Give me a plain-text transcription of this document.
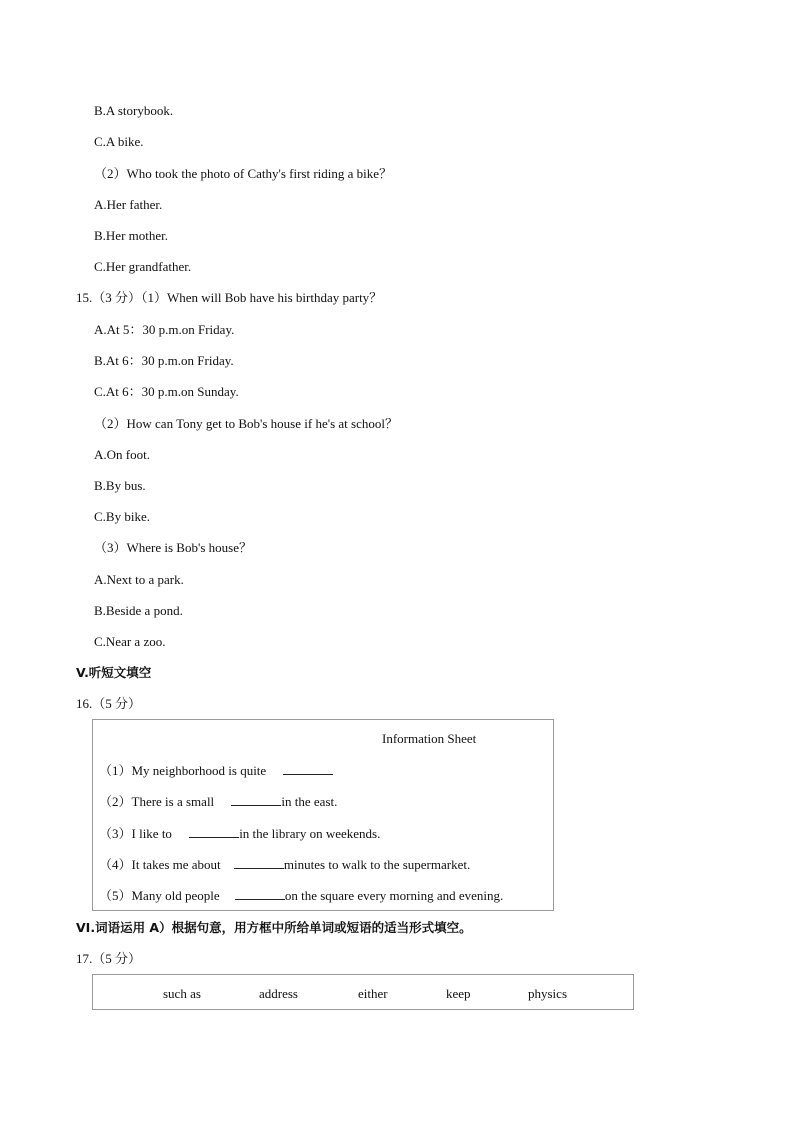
B.A storybook.
C.A bike.
（2）Who took the photo of Cathy's first riding a bike？
A.Her father.
B.Her mother.
C.Her grandfather.
15.（3 分）（1）When will Bob have his birthday party？
A.At 5：30 p.m.on Friday.
B.At 6：30 p.m.on Friday.
C.At 6：30 p.m.on Sunday.
（2）How can Tony get to Bob's house if he's at school？
A.On foot.
B.By bus.
C.By bike.
（3）Where is Bob's house？
A.Next to a park.
B.Beside a pond.
C.Near a zoo.
V.听短文填空
16.（5 分）
Information Sheet
（1）My neighborhood is quite
（2）There is a small	in the east.
（3）I like to	in the library on weekends.
（4）It takes me about	minutes to walk to the supermarket.
（5）Many old people	on the square every morning and evening.
VI.词语运用 A）根据句意，用方框中所给单词或短语的适当形式填空。
17.（5 分）
such as	address	either	keep	physics
